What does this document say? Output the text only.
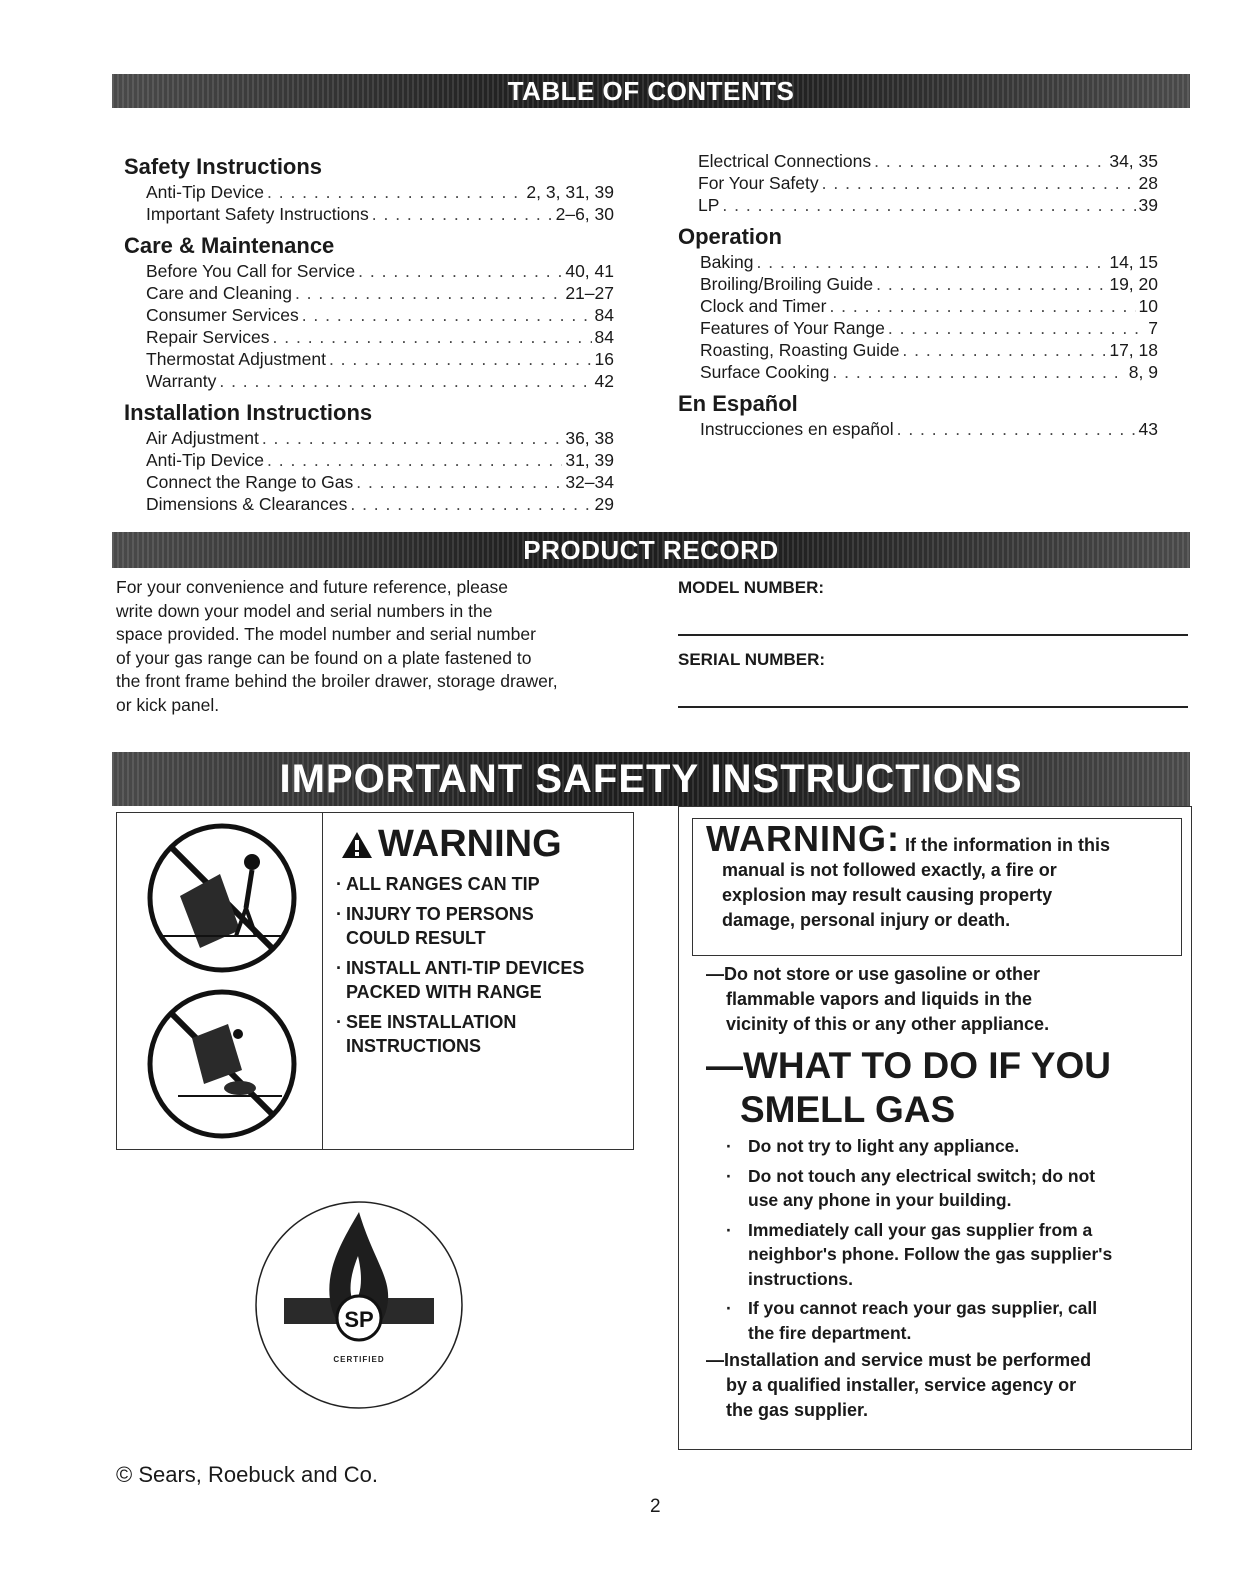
TABLE OF CONTENTS
PRODUCT RECORD
IMPORTANT SAFETY INSTRUCTIONS
Safety Instructions
Anti-Tip Device . . .	2, 3, 31, 39
Important Safety Instructions . . .	2–6, 30
Care & Maintenance
Before You Call for Service . . .	40, 41
Care and Cleaning . . .	21–27
Consumer Services . . .	84
Repair Services . . .	84
Thermostat Adjustment . . .	16
Warranty . . .	42
Installation Instructions
Air Adjustment . . .	36, 38
Anti-Tip Device . . .	31, 39
Connect the Range to Gas . . .	32–34
Dimensions & Clearances . . .	29
Electrical Connections . . .	34, 35
For Your Safety . . .	28
LP . . .	39
Operation
Baking . . .	14, 15
Broiling/Broiling Guide . . .	19, 20
Clock and Timer . . .	10
Features of Your Range . . .	7
Roasting, Roasting Guide . . .	17, 18
Surface Cooking . . .	8, 9
En Español
Instrucciones en español . . .	43
For your convenience and future reference, please
write down your model and serial numbers in the
space provided. The model number and serial number
of your gas range can be found on a plate fastened to
the front frame behind the broiler drawer, storage drawer,
or kick panel.
MODEL NUMBER:
SERIAL NUMBER:
WARNING
· ALL RANGES CAN TIP
· INJURY TO PERSONS
COULD RESULT
· INSTALL ANTI-TIP DEVICES
PACKED WITH RANGE
· SEE INSTALLATION
INSTRUCTIONS
SP
CERTIFIED
WARNING: If the information in this
manual is not followed exactly, a fire or
explosion may result causing property
damage, personal injury or death.
—Do not store or use gasoline or other
flammable vapors and liquids in the
vicinity of this or any other appliance.
—WHAT TO DO IF YOU
SMELL GAS
· Do not try to light any appliance.
· Do not touch any electrical switch; do not
use any phone in your building.
· Immediately call your gas supplier from a
neighbor's phone. Follow the gas supplier's
instructions.
· If you cannot reach your gas supplier, call
the fire department.
—Installation and service must be performed
by a qualified installer, service agency or
the gas supplier.
© Sears, Roebuck and Co.
2
